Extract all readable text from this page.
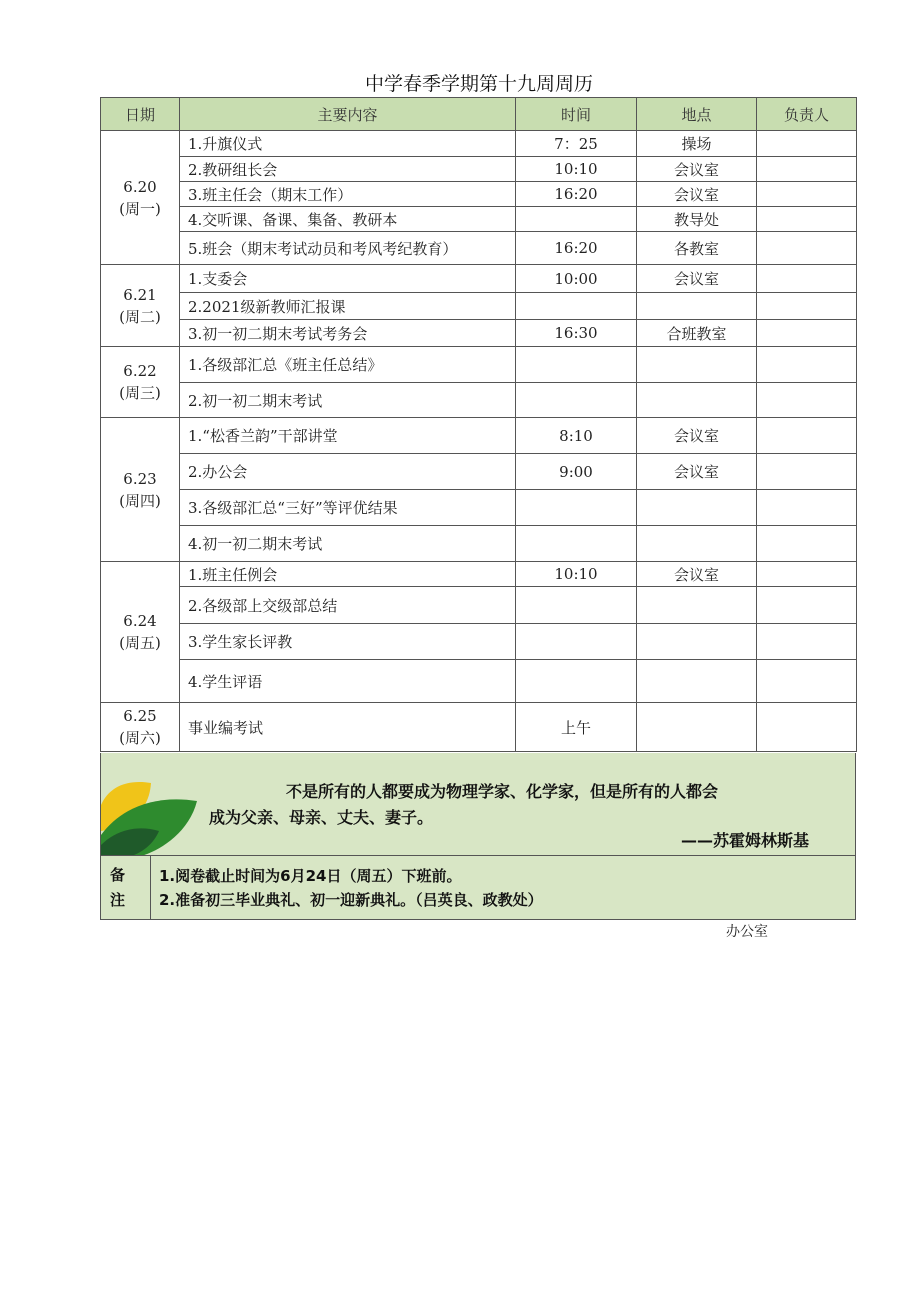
中学春季学期第十九周周历
日期	主要内容	时间	地点	负责人

6.20
(周一)	1.升旗仪式	7：25	操场	
	2.教研组长会	10:10	会议室	
	3.班主任会（期末工作）	16:20	会议室	
	4.交听课、备课、集备、教研本		教导处	
	5.班会（期末考试动员和考风考纪教育）	16:20	各教室	

6.21
(周二)	1.支委会	10:00	会议室	
	2.2021级新教师汇报课			
	3.初一初二期末考试考务会	16:30	合班教室	

6.22
(周三)	1.各级部汇总《班主任总结》			
	2.初一初二期末考试			

6.23
(周四)	1.“松香兰韵”干部讲堂	8:10	会议室	
	2.办公会	9:00	会议室	
	3.各级部汇总“三好”等评优结果			
	4.初一初二期末考试			

6.24
(周五)	1.班主任例会	10:10	会议室	
	2.各级部上交级部总结			
	3.学生家长评教			
	4.学生评语			

6.25
(周六)	事业编考试	上午		
不是所有的人都要成为物理学家、化学家，但是所有的人都会
成为父亲、母亲、丈夫、妻子。
——苏霍姆林斯基
备
注
1.阅卷截止时间为6月24日（周五）下班前。
2.准备初三毕业典礼、初一迎新典礼。（吕英良、政教处）
办公室
